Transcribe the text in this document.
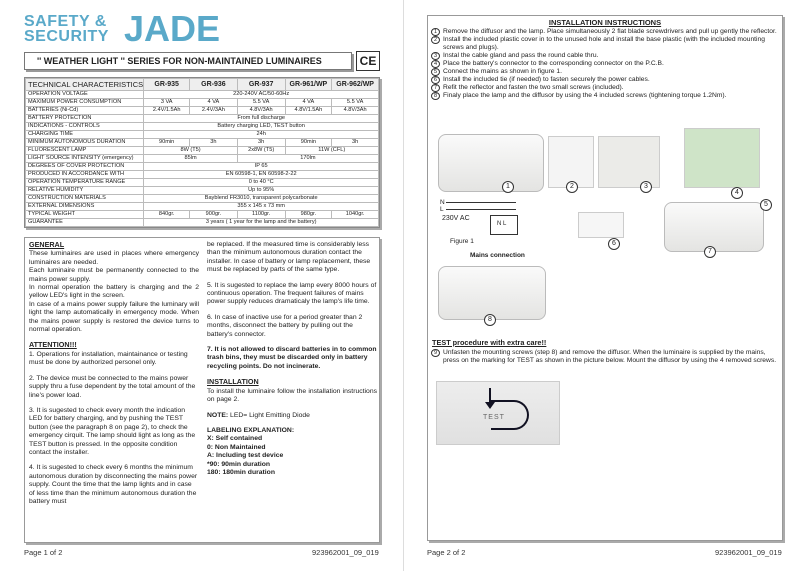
SAFETY &
SECURITY JADE
'' WEATHER LIGHT '' SERIES FOR NON-MAINTAINED LUMINAIRES	CE
TECHNICAL CHARACTERISTICS	GR-935	GR-936	GR-937	GR-961/WP	GR-962/WP
OPERATION VOLTAGE	220-240V AC/50-60Hz				
MAXIMUM POWER CONSUMPTION	3 VA	4 VA	5.5 VA	4 VA	5.5 VA
BATTERIES (Ni-Cd)	2.4V/1.5Ah	2.4V/3Ah	4.8V/3Ah	4.8V/1.5Ah	4.8V/3Ah
BATTERY PROTECTION	From full discharge				
INDICATIONS - CONTROLS	Battery charging LED, TEST button				
CHARGING TIME	24h				
MINIMUM AUTONOMOUS DURATION	90min	3h	3h	90min	3h
FLUORESCENT LAMP	8W (T5)		2x8W (T5)	11W (CFL)	
LIGHT SOURCE INTENSITY (emergency)	85lm		170lm		
DEGREES OF COVER PROTECTION	IP 65				
PRODUCED IN ACCORDANCE WITH	EN 60598-1, EN 60598-2-22				
OPERATION TEMPERATURE RANGE	0 to 40 °C				
RELATIVE HUMIDITY	Up to 95%				
CONSTRUCTION MATERIALS	Bayblend FR3010, transparent polycarbonate				
EXTERNAL DIMENSIONS	355 x 145 x 73 mm				
TYPICAL WEIGHT	840gr.	900gr.	1100gr.	980gr.	1040gr.
GUARANTEE	3 years ( 1 year for the lamp and the battery)				

GENERAL

These luminaires are used in places where emergency luminaires are needed.

Each luminaire must be permanently connected to the mains power supply.

In normal operation the battery is charging and the 2 yellow LED's light in the screen.

In case of a mains power supply failure the luminary will light the lamp automatically in emergency mode. When the mains power supply is restored the device turns to normal operation.

ATTENTION!!!

1. Operations for installation, maintainance or testing must be done by authorized personel only.

2. The device must be connected to the mains power supply thru a fuse dependent by the total amount of the line's power load.

3. It is sugested to check every month the indication LED for battery charging, and by pushing the TEST button (see the paragraph 8 on page 2), to check the emergency cirquit. The lamp should light as long as the TEST button is pressed. In the opposite condition contact the installer.

4. It is sugested to check every 6 months the minimum autonomous duration by disconnecting the mains power supply. Count the time that the lamp lights and in case of less time than the minimum autonomous duration the battery must

be replaced. If the measured time is considerably less than the minimum autonomous duration contact the installer. In case of battery or lamp replacement, these must be replaced by parts of the same type.

5. It is sugested to replace the lamp every 8000 hours of continuous operation. The frequent failures of mains power supply reduces dramaticaly the lamp's life time.

6. In case of inactive use for a period greater than 2 months, disconnect the battery by pulling out the battery's connector.

7. It is not allowed to discard batteries in to common trash bins, they must be discarded only in battery recycling points. Do not incinerate.

INSTALLATION

To install the luminaire follow the installation instructions on page 2.

NOTE: LED= Light Emitting Diode

LABELING EXPLANATION:

X: Self contained
0: Non Maintained
A: Including test device
*90: 90min duration
180: 180min duration
Page 1 of 2	923962001_09_019
INSTALLATION INSTRUCTIONS
1 Remove the diffusor and the lamp. Place simultaneously 2 flat blade screwdrivers and pull up gently the reflector.
2 Install the included plastic cover in to the unused hole and install the base plastic (with the included mounting screws and plugs).
3 Instal the cable gland and pass the round cable thru.
4 Place the battery's connector to the corresponding connector on the P.C.B.
5 Connect the mains as shown in figure 1.
6 Install the included tie (if needed) to fasten securely the power cables.
7 Refit the reflector and fasten the two small screws (included).
8 Finaly place the lamp and the diffusor by using the 4 included screws (tightening torque 1.2Nm).
1	2	3
4
N
L
230V AC
N L
Figure 1
Mains connection
6
7
5
8
TEST procedure with extra care!!
9 Unfasten the mounting screws (step 8) and remove the diffusor. When the luminaire is supplied by the mains, press on the marking for TEST as shown in the picture below. Mount the diffusor by using the 4 removed screws.
TEST
Page 2 of 2	923962001_09_019
